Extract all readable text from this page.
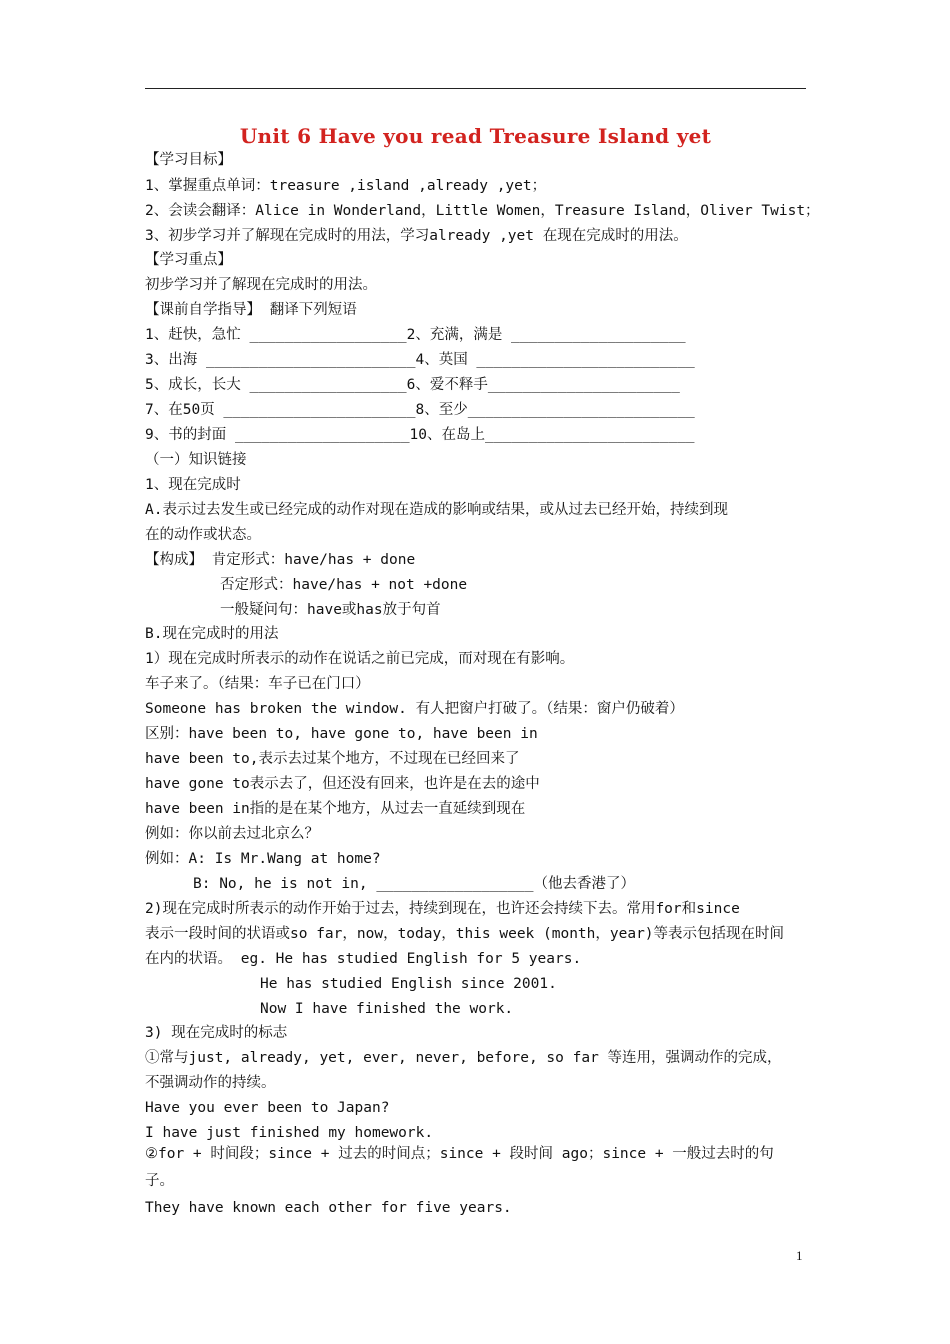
Unit 6 Have you read Treasure Island yet
【学习目标】
1、掌握重点单词：treasure ,island ,already ,yet；
2、会读会翻译：Alice in Wonderland，Little Women，Treasure Island，Oliver Twist；
3、初步学习并了解现在完成时的用法，学习already ,yet 在现在完成时的用法。
【学习重点】
初步学习并了解现在完成时的用法。
【课前自学指导】 翻译下列短语
1、赶快，急忙 __________________2、充满，满是 ____________________
3、出海 ________________________4、英国 _________________________
5、成长，长大 __________________6、爱不释手______________________
7、在50页 ______________________8、至少__________________________
9、书的封面 ____________________10、在岛上________________________
（一）知识链接
1、现在完成时
A.表示过去发生或已经完成的动作对现在造成的影响或结果，或从过去已经开始，持续到现
在的动作或状态。
【构成】 肯定形式：have/has + done
否定形式：have/has + not +done
一般疑问句：have或has放于句首
B.现在完成时的用法
1）现在完成时所表示的动作在说话之前已完成，而对现在有影响。
车子来了。（结果：车子已在门口）
Someone has broken the window. 有人把窗户打破了。（结果：窗户仍破着）
区别：have been to, have gone to, have been in
have been to,表示去过某个地方，不过现在已经回来了
have gone to表示去了，但还没有回来，也许是在去的途中
have been in指的是在某个地方，从过去一直延续到现在
例如：你以前去过北京么？
例如：A: Is Mr.Wang at home?
B: No, he is not in, __________________（他去香港了）
2)现在完成时所表示的动作开始于过去，持续到现在，也许还会持续下去。常用for和since
表示一段时间的状语或so far，now，today，this week (month，year)等表示包括现在时间
在内的状语。 eg. He has studied English for 5 years.
He has studied English since 2001.
Now I have finished the work.
3) 现在完成时的标志
①常与just, already, yet, ever, never, before, so far 等连用，强调动作的完成，
不强调动作的持续。
Have you ever been to Japan?
I have just finished my homework.
②for + 时间段；since + 过去的时间点；since + 段时间 ago；since + 一般过去时的句
子。
They have known each other for five years.
1
